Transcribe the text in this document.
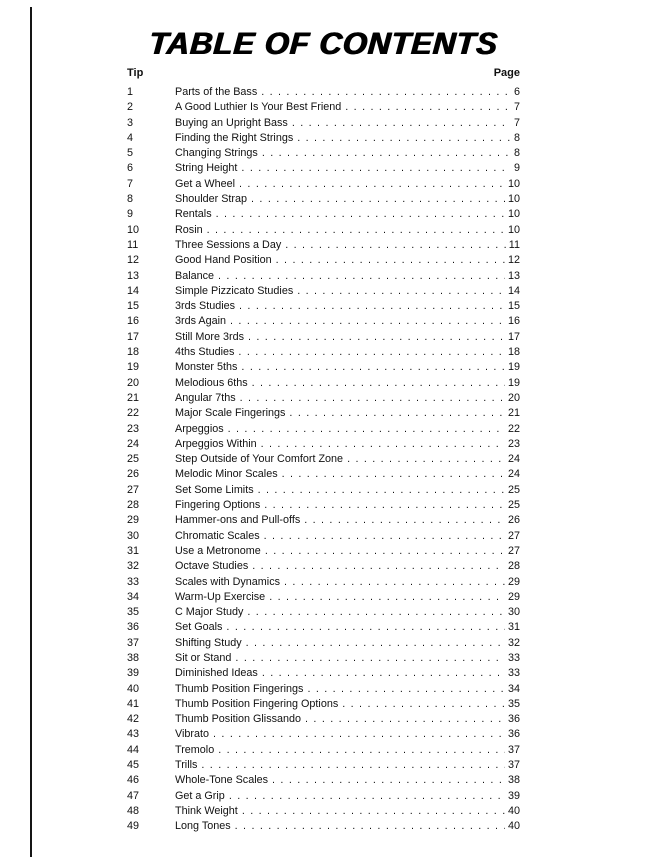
TABLE OF CONTENTS
Tip	Page
1	Parts of the Bass . . .	6
2	A Good Luthier Is Your Best Friend . . .	7
3	Buying an Upright Bass . . .	7
4	Finding the Right Strings . . .	8
5	Changing Strings . . .	8
6	String Height . . .	9
7	Get a Wheel . . .	10
8	Shoulder Strap . . .	10
9	Rentals . . .	10
10	Rosin . . .	10
11	Three Sessions a Day . . .	11
12	Good Hand Position . . .	12
13	Balance . . .	13
14	Simple Pizzicato Studies . . .	14
15	3rds Studies . . .	15
16	3rds Again . . .	16
17	Still More 3rds . . .	17
18	4ths Studies . . .	18
19	Monster 5ths . . .	19
20	Melodious 6ths . . .	19
21	Angular 7ths . . .	20
22	Major Scale Fingerings . . .	21
23	Arpeggios . . .	22
24	Arpeggios Within . . .	23
25	Step Outside of Your Comfort Zone . . .	24
26	Melodic Minor Scales . . .	24
27	Set Some Limits . . .	25
28	Fingering Options . . .	25
29	Hammer-ons and Pull-offs . . .	26
30	Chromatic Scales . . .	27
31	Use a Metronome . . .	27
32	Octave Studies . . .	28
33	Scales with Dynamics . . .	29
34	Warm-Up Exercise . . .	29
35	C Major Study . . .	30
36	Set Goals . . .	31
37	Shifting Study . . .	32
38	Sit or Stand . . .	33
39	Diminished Ideas . . .	33
40	Thumb Position Fingerings . . .	34
41	Thumb Position Fingering Options . . .	35
42	Thumb Position Glissando . . .	36
43	Vibrato . . .	36
44	Tremolo . . .	37
45	Trills . . .	37
46	Whole-Tone Scales . . .	38
47	Get a Grip . . .	39
48	Think Weight . . .	40
49	Long Tones . . .	40
